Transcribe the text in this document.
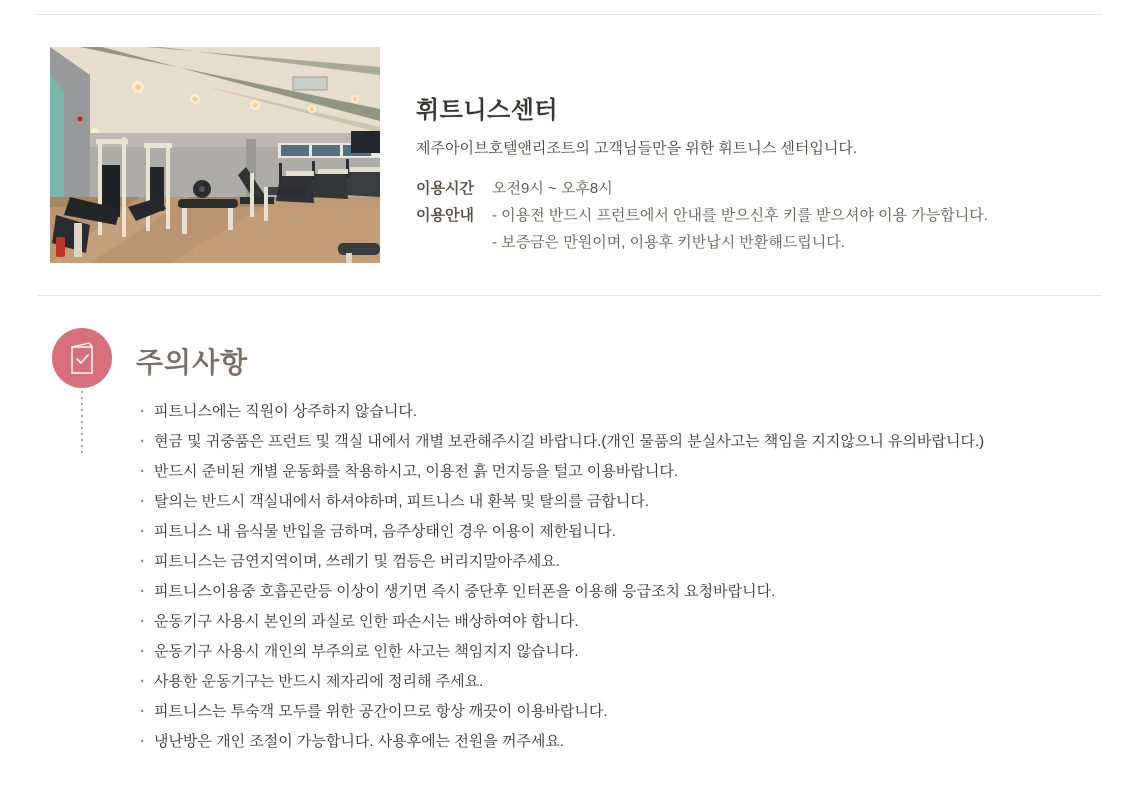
휘트니스센터

제주아이브호텔앤리조트의 고객님들만을 위한 휘트니스 센터입니다.

이용시간	오전9시 ~ 오후8시
이용안내	- 이용전 반드시 프런트에서 안내를 받으신후 키를 받으셔야 이용 가능합니다.
- 보증금은 만원이며, 이용후 키반납시 반환해드립니다.
주의사항
· 피트니스에는 직원이 상주하지 않습니다.
· 현금 및 귀중품은 프런트 및 객실 내에서 개별 보관해주시길 바랍니다.(개인 물품의 분실사고는 책임을 지지않으니 유의바랍니다.)
· 반드시 준비된 개별 운동화를 착용하시고, 이용전 흙 먼지등을 털고 이용바랍니다.
· 탈의는 반드시 객실내에서 하셔야하며, 피트니스 내 환복 및 탈의를 금합니다.
· 피트니스 내 음식물 반입을 금하며, 음주상태인 경우 이용이 제한됩니다.
· 피트니스는 금연지역이며, 쓰레기 및 껌등은 버리지말아주세요.
· 피트니스이용중 호흡곤란등 이상이 생기면 즉시 중단후 인터폰을 이용해 응급조치 요청바랍니다.
· 운동기구 사용시 본인의 과실로 인한 파손시는 배상하여야 합니다.
· 운동기구 사용시 개인의 부주의로 인한 사고는 책임지지 않습니다.
· 사용한 운동기구는 반드시 제자리에 정리해 주세요.
· 피트니스는 투숙객 모두를 위한 공간이므로 항상 깨끗이 이용바랍니다.
· 냉난방은 개인 조절이 가능합니다. 사용후에는 전원을 꺼주세요.
